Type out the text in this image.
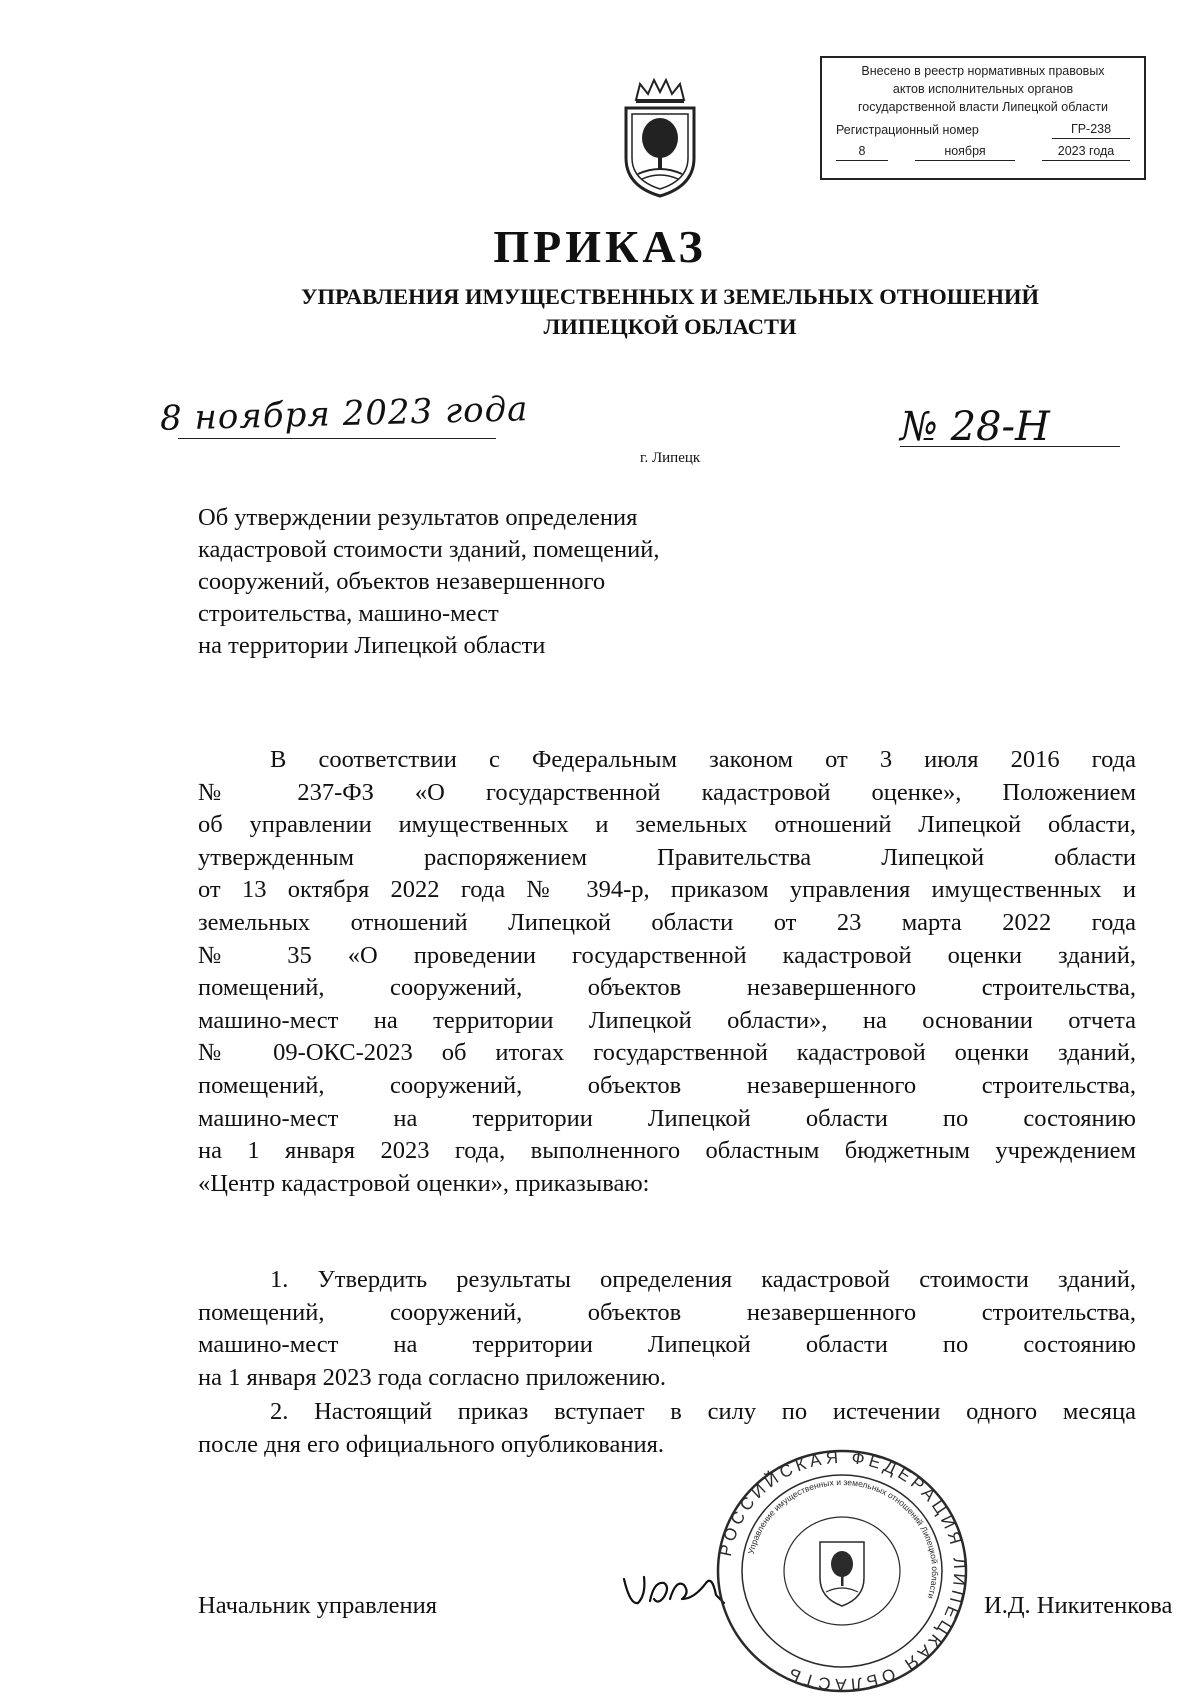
Внесено в реестр нормативных правовых
актов исполнительных органов
государственной власти Липецкой области
Регистрационный номер	ГР-238
8	ноября	2023 года
ПРИКАЗ
УПРАВЛЕНИЯ ИМУЩЕСТВЕННЫХ И ЗЕМЕЛЬНЫХ ОТНОШЕНИЙ
ЛИПЕЦКОЙ ОБЛАСТИ
8 ноября 2023 года	№ 28-Н
г. Липецк
Об утверждении результатов определения
кадастровой стоимости зданий, помещений,
сооружений, объектов незавершенного
строительства, машино-мест
на территории Липецкой области
В соответствии с Федеральным законом от 3 июля 2016 года
№ 237-ФЗ «О государственной кадастровой оценке», Положением
об управлении имущественных и земельных отношений Липецкой области,
утвержденным распоряжением Правительства Липецкой области
от 13 октября 2022 года № 394-р, приказом управления имущественных и
земельных отношений Липецкой области от 23 марта 2022 года
№ 35 «О проведении государственной кадастровой оценки зданий,
помещений, сооружений, объектов незавершенного строительства,
машино-мест на территории Липецкой области», на основании отчета
№ 09-ОКС-2023 об итогах государственной кадастровой оценки зданий,
помещений, сооружений, объектов незавершенного строительства,
машино-мест на территории Липецкой области по состоянию
на 1 января 2023 года, выполненного областным бюджетным учреждением
«Центр кадастровой оценки», приказываю:
1. Утвердить результаты определения кадастровой стоимости зданий,
помещений, сооружений, объектов незавершенного строительства,
машино-мест на территории Липецкой области по состоянию
на 1 января 2023 года согласно приложению.
2. Настоящий приказ вступает в силу по истечении одного месяца
после дня его официального опубликования.
Начальник управления
РОССИЙСКАЯ ФЕДЕРАЦИЯ ЛИПЕЦКАЯ ОБЛАСТЬ
Управление имущественных и земельных отношений Липецкой области И.Д. Никитенкова
